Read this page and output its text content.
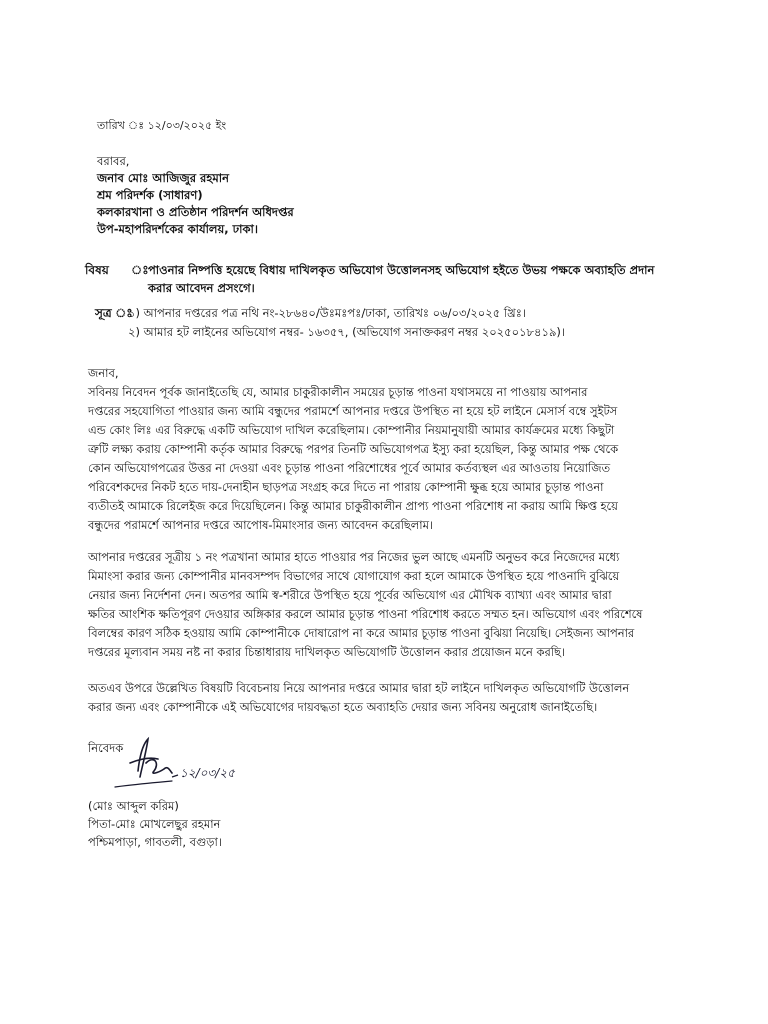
তারিখ ঃ ১২/০৩/২০২৫ ইং
বরাবর,
জনাব মোঃ আজিজুর রহমান
শ্রম পরিদর্শক (সাধারণ)
কলকারখানা ও প্রতিষ্ঠান পরিদর্শন অধিদপ্তর
উপ-মহাপরিদর্শকের কার্যালয়, ঢাকা।
বিষয় ঃ পাওনার নিষ্পত্তি হয়েছে বিধায় দাখিলকৃত অভিযোগ উত্তোলনসহ অভিযোগ হইতে উভয় পক্ষকে অব্যাহতি প্রদান
করার আবেদন প্রসংগে।
সূত্র ঃ
১) আপনার দপ্তরের পত্র নথি নং-২৮৬৪০/উঃমঃপঃ/ঢাকা, তারিখঃ ০৬/০৩/২০২৫ খ্রিঃ।
২) আমার হট লাইনের অভিযোগ নম্বর- ১৬৩৫৭, (অভিযোগ সনাক্তকরণ নম্বর ২০২৫০১৮৪১৯)।
জনাব,
সবিনয় নিবেদন পূর্বক জানাইতেছি যে, আমার চাকুরীকালীন সময়ের চূড়ান্ত পাওনা যথাসময়ে না পাওয়ায় আপনার
দপ্তরের সহযোগিতা পাওয়ার জন্য আমি বন্ধুদের পরামর্শে আপনার দপ্তরে উপস্থিত না হয়ে হট লাইনে মেসার্স বম্বে সুইটস
এন্ড কোং লিঃ এর বিরুদ্ধে একটি অভিযোগ দাখিল করেছিলাম। কোম্পানীর নিয়মানুযায়ী আমার কার্যক্রমের মধ্যে কিছুটা
ত্রুটি লক্ষ্য করায় কোম্পানী কর্তৃক আমার বিরুদ্ধে পরপর তিনটি অভিযোগপত্র ইস্যু করা হয়েছিল, কিন্তু আমার পক্ষ থেকে
কোন অভিযোগপত্রের উত্তর না দেওয়া এবং চূড়ান্ত পাওনা পরিশোধের পূর্বে আমার কর্তব্যস্থল এর আওতায় নিয়োজিত
পরিবেশকদের নিকট হতে দায়-দেনাহীন ছাড়পত্র সংগ্রহ করে দিতে না পারায় কোম্পানী ক্ষুব্ধ হয়ে আমার চূড়ান্ত পাওনা
ব্যতীতই আমাকে রিলেইজ করে দিয়েছিলেন। কিন্তু আমার চাকুরীকালীন প্রাপ্য পাওনা পরিশোধ না করায় আমি ক্ষিপ্ত হয়ে
বন্ধুদের পরামর্শে আপনার দপ্তরে আপোষ-মিমাংসার জন্য আবেদন করেছিলাম।
আপনার দপ্তরের সূত্রীয় ১ নং পত্রখানা আমার হাতে পাওয়ার পর নিজের ভুল আছে এমনটি অনুভব করে নিজেদের মধ্যে
মিমাংসা করার জন্য কোম্পানীর মানবসম্পদ বিভাগের সাথে যোগাযোগ করা হলে আমাকে উপস্থিত হয়ে পাওনাদি বুঝিয়ে
নেয়ার জন্য নির্দেশনা দেন। অতপর আমি স্ব-শরীরে উপস্থিত হয়ে পূর্বের অভিযোগ এর মৌখিক ব্যাখ্যা এবং আমার দ্বারা
ক্ষতির আংশিক ক্ষতিপূরণ দেওয়ার অঙ্গিকার করলে আমার চূড়ান্ত পাওনা পরিশোধ করতে সম্মত হন। অভিযোগ এবং পরিশেষে
বিলম্বের কারণ সঠিক হওয়ায় আমি কোম্পানীকে দোষারোপ না করে আমার চূড়ান্ত পাওনা বুঝিয়া নিয়েছি। সেইজন্য আপনার
দপ্তরের মূল্যবান সময় নষ্ট না করার চিন্তাধারায় দাখিলকৃত অভিযোগটি উত্তোলন করার প্রয়োজন মনে করছি।
অতএব উপরে উল্লেখিত বিষয়টি বিবেচনায় নিয়ে আপনার দপ্তরে আমার দ্বারা হট লাইনে দাখিলকৃত অভিযোগটি উত্তোলন
করার জন্য এবং কোম্পানীকে এই অভিযোগের দায়বদ্ধতা হতে অব্যাহতি দেয়ার জন্য সবিনয় অনুরোধ জানাইতেছি।
নিবেদক
১২/০৩/২৫
(মোঃ আব্দুল করিম)
পিতা-মোঃ মোখলেছুর রহমান
পশ্চিমপাড়া, গাবতলী, বগুড়া।
